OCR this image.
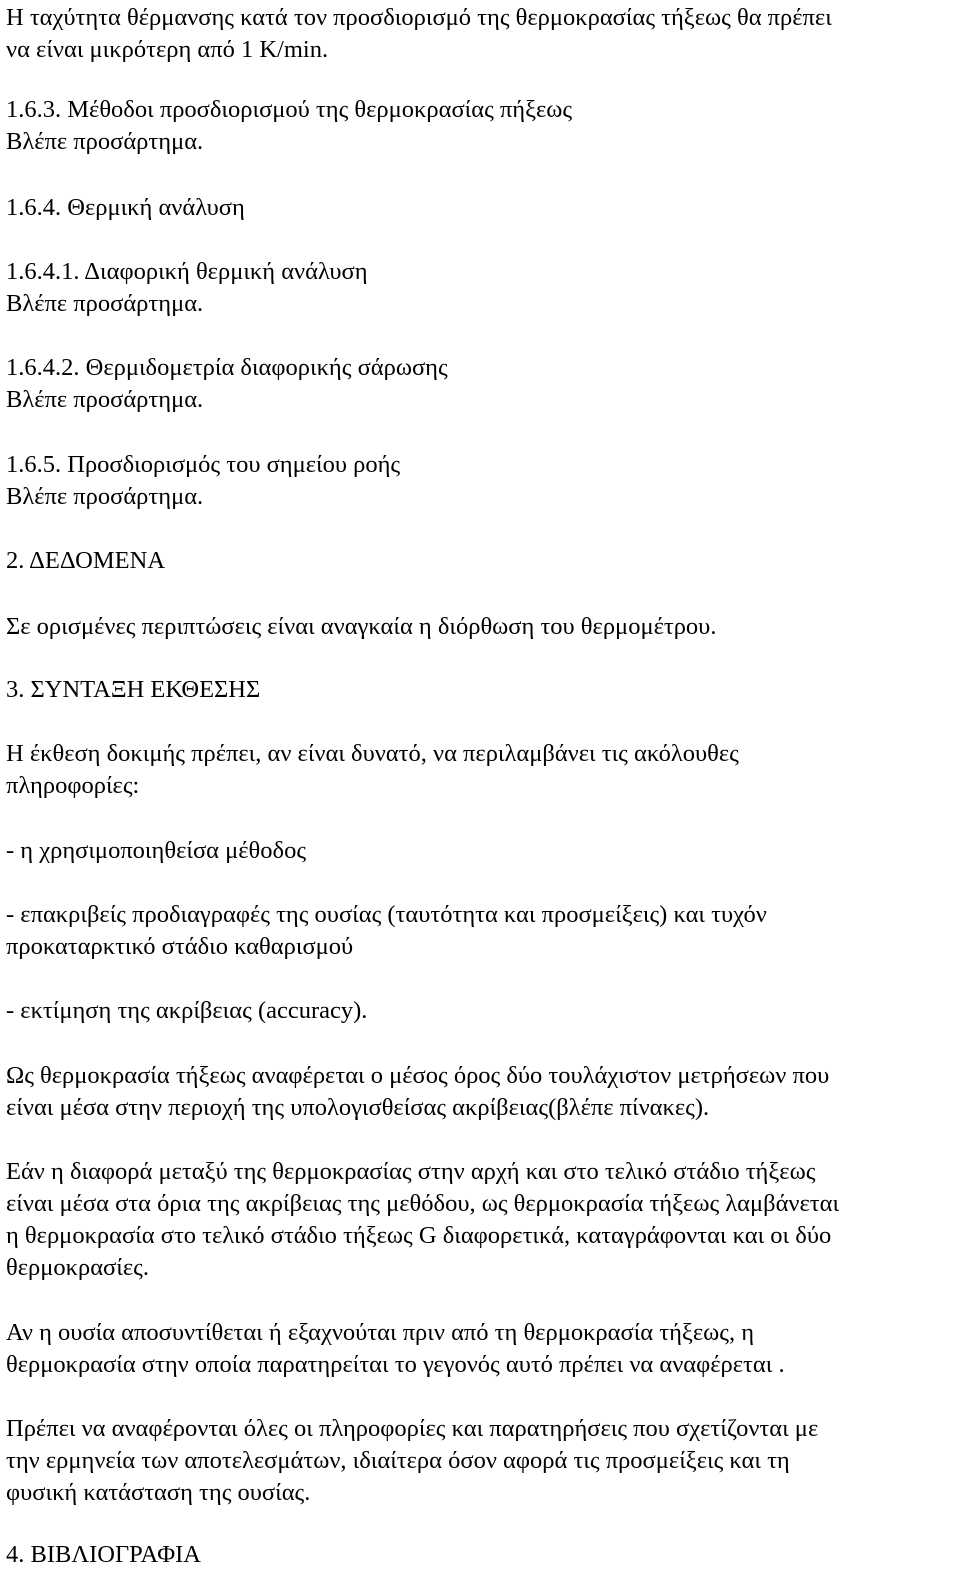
Η ταχύτητα θέρμανσης κατά τον προσδιορισμό της θερμοκρασίας τήξεως θα πρέπει

να είναι μικρότερη από 1 K/min.

1.6.3. Μέθοδοι προσδιορισμού της θερμοκρασίας πήξεως

Βλέπε προσάρτημα.

1.6.4. Θερμική ανάλυση

1.6.4.1. Διαφορική θερμική ανάλυση

Βλέπε προσάρτημα.

1.6.4.2. Θερμιδομετρία διαφορικής σάρωσης

Βλέπε προσάρτημα.

1.6.5. Προσδιορισμός του σημείου ροής

Βλέπε προσάρτημα.

2. ΔΕΔΟΜΕΝΑ

Σε ορισμένες περιπτώσεις είναι αναγκαία η διόρθωση του θερμομέτρου.

3. ΣΥΝΤΑΞΗ ΕΚΘΕΣΗΣ

Η έκθεση δοκιμής πρέπει, αν είναι δυνατό, να περιλαμβάνει τις ακόλουθες

πληροφορίες:

- η χρησιμοποιηθείσα μέθοδος

- επακριβείς προδιαγραφές της ουσίας (ταυτότητα και προσμείξεις) και τυχόν

προκαταρκτικό στάδιο καθαρισμού

- εκτίμηση της ακρίβειας (accuracy).

Ως θερμοκρασία τήξεως αναφέρεται ο μέσος όρος δύο τουλάχιστον μετρήσεων που

είναι μέσα στην περιοχή της υπολογισθείσας ακρίβειας(βλέπε πίνακες).

Εάν η διαφορά μεταξύ της θερμοκρασίας στην αρχή και στο τελικό στάδιο τήξεως

είναι μέσα στα όρια της ακρίβειας της μεθόδου, ως θερμοκρασία τήξεως λαμβάνεται

η θερμοκρασία στο τελικό στάδιο τήξεως G διαφορετικά, καταγράφονται και οι δύο

θερμοκρασίες.

Αν η ουσία αποσυντίθεται ή εξαχνούται πριν από τη θερμοκρασία τήξεως, η

θερμοκρασία στην οποία παρατηρείται το γεγονός αυτό πρέπει να αναφέρεται .

Πρέπει να αναφέρονται όλες οι πληροφορίες και παρατηρήσεις που σχετίζονται με

την ερμηνεία των αποτελεσμάτων, ιδιαίτερα όσον αφορά τις προσμείξεις και τη

φυσική κατάσταση της ουσίας.

4. ΒΙΒΛΙΟΓΡΑΦΙΑ
